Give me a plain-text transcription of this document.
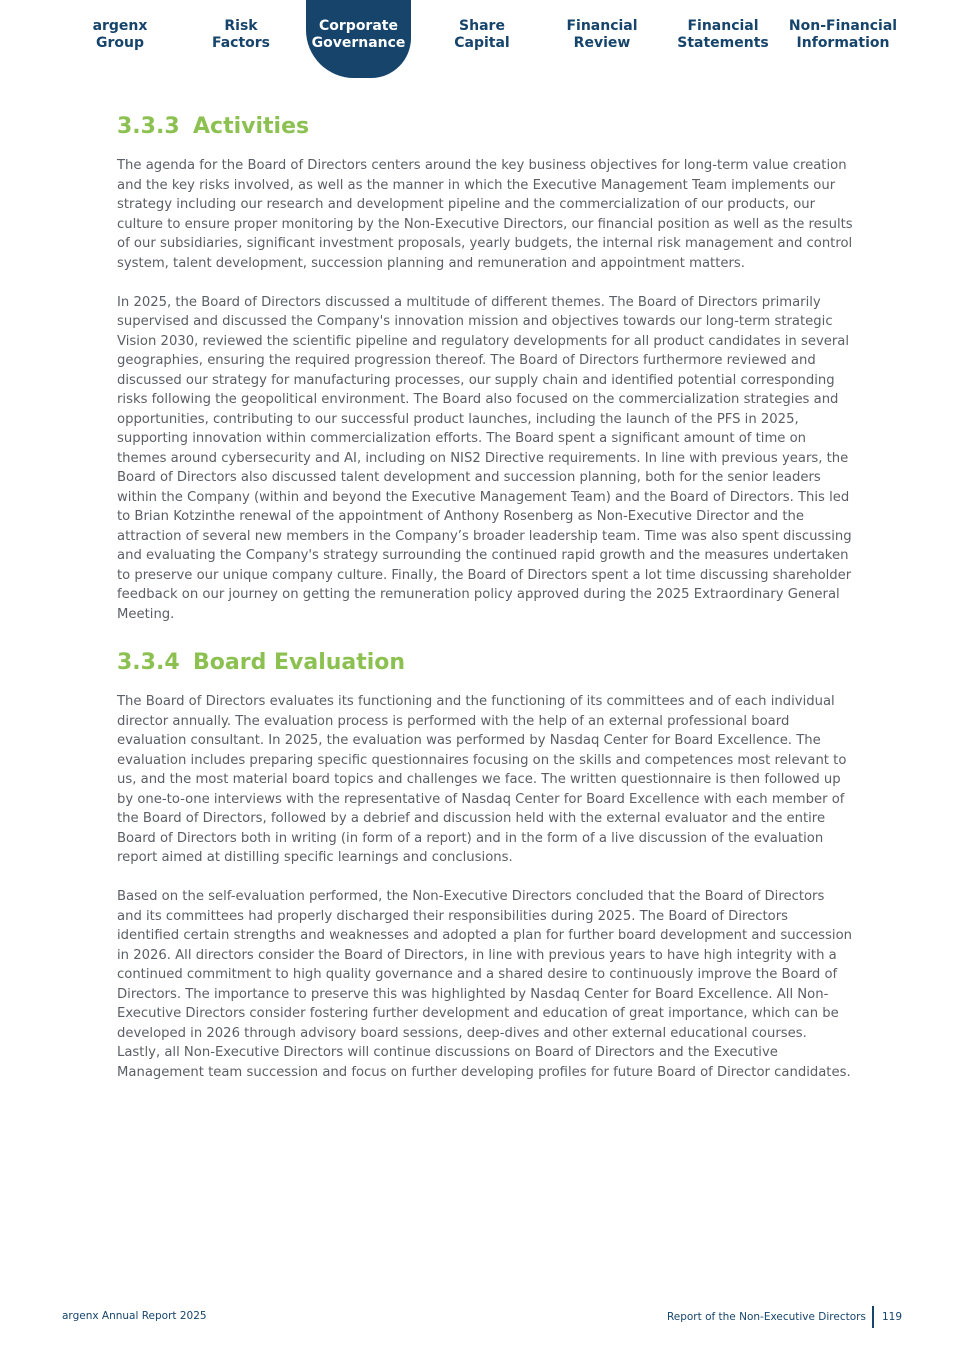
argenx
Group
Risk
Factors
Corporate
Governance
Share
Capital
Financial
Review
Financial
Statements
Non-Financial
Information
3.3.3 Activities

The agenda for the Board of Directors centers around the key business objectives for long-term value creation and the key risks involved, as well as the manner in which the Executive Management Team implements our strategy including our research and development pipeline and the commercialization of our products, our culture to ensure proper monitoring by the Non-Executive Directors, our financial position as well as the results of our subsidiaries, significant investment proposals, yearly budgets, the internal risk management and control system, talent development, succession planning and remuneration and appointment matters.

In 2025, the Board of Directors discussed a multitude of different themes. The Board of Directors primarily supervised and discussed the Company's innovation mission and objectives towards our long-term strategic Vision 2030, reviewed the scientific pipeline and regulatory developments for all product candidates in several geographies, ensuring the required progression thereof. The Board of Directors furthermore reviewed and discussed our strategy for manufacturing processes, our supply chain and identified potential corresponding risks following the geopolitical environment. The Board also focused on the commercialization strategies and opportunities, contributing to our successful product launches, including the launch of the PFS in 2025, supporting innovation within commercialization efforts. The Board spent a significant amount of time on themes around cybersecurity and AI, including on NIS2 Directive requirements. In line with previous years, the Board of Directors also discussed talent development and succession planning, both for the senior leaders within the Company (within and beyond the Executive Management Team) and the Board of Directors. This led to Brian Kotzinthe renewal of the appointment of Anthony Rosenberg as Non-Executive Director and the attraction of several new members in the Company’s broader leadership team. Time was also spent discussing and evaluating the Company's strategy surrounding the continued rapid growth and the measures undertaken to preserve our unique company culture. Finally, the Board of Directors spent a lot time discussing shareholder feedback on our journey on getting the remuneration policy approved during the 2025 Extraordinary General Meeting.

3.3.4 Board Evaluation

The Board of Directors evaluates its functioning and the functioning of its committees and of each individual director annually. The evaluation process is performed with the help of an external professional board evaluation consultant. In 2025, the evaluation was performed by Nasdaq Center for Board Excellence. The evaluation includes preparing specific questionnaires focusing on the skills and competences most relevant to us, and the most material board topics and challenges we face. The written questionnaire is then followed up by one-to-one interviews with the representative of Nasdaq Center for Board Excellence with each member of the Board of Directors, followed by a debrief and discussion held with the external evaluator and the entire Board of Directors both in writing (in form of a report) and in the form of a live discussion of the evaluation report aimed at distilling specific learnings and conclusions.

Based on the self-evaluation performed, the Non-Executive Directors concluded that the Board of Directors and its committees had properly discharged their responsibilities during 2025. The Board of Directors identified certain strengths and weaknesses and adopted a plan for further board development and succession in 2026. All directors consider the Board of Directors, in line with previous years to have high integrity with a continued commitment to high quality governance and a shared desire to continuously improve the Board of Directors. The importance to preserve this was highlighted by Nasdaq Center for Board Excellence. All Non-Executive Directors consider fostering further development and education of great importance, which can be developed in 2026 through advisory board sessions, deep-dives and other external educational courses. Lastly, all Non-Executive Directors will continue discussions on Board of Directors and the Executive Management team succession and focus on further developing profiles for future Board of Director candidates.

argenx Annual Report 2025	Report of the Non-Executive Directors 119
